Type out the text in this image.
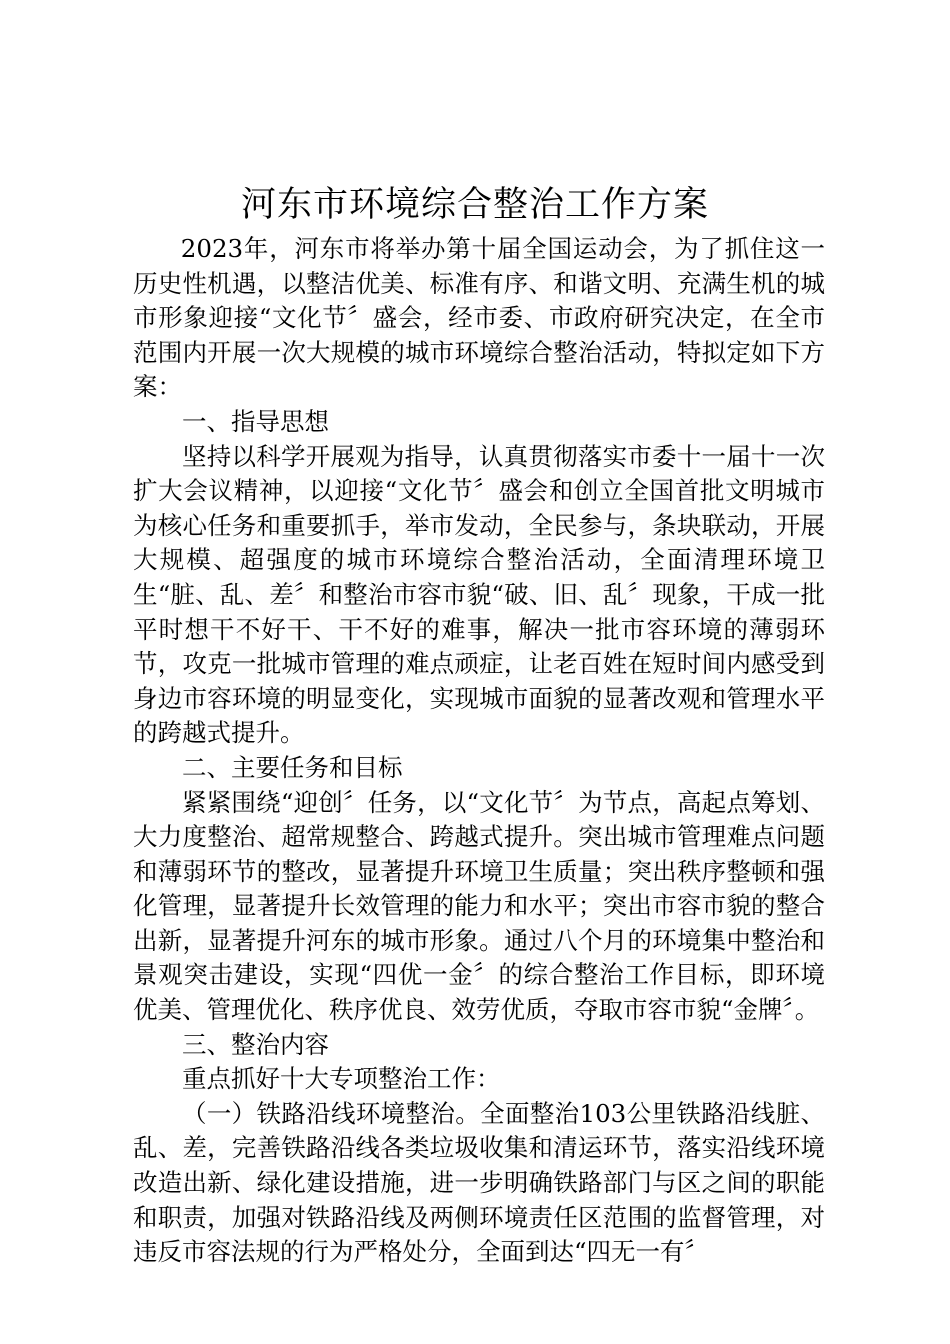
河东市环境综合整治工作方案

2023年，河东市将举办第十届全国运动会，为了抓住这一历史性机遇，以整洁优美、标准有序、和谐文明、充满生机的城市形象迎接“文化节〞盛会，经市委、市政府研究决定，在全市范围内开展一次大规模的城市环境综合整治活动，特拟定如下方案：

一、指导思想

坚持以科学开展观为指导，认真贯彻落实市委十一届十一次扩大会议精神，以迎接“文化节〞盛会和创立全国首批文明城市为核心任务和重要抓手，举市发动，全民参与，条块联动，开展大规模、超强度的城市环境综合整治活动，全面清理环境卫生“脏、乱、差〞和整治市容市貌“破、旧、乱〞现象，干成一批平时想干不好干、干不好的难事，解决一批市容环境的薄弱环节，攻克一批城市管理的难点顽症，让老百姓在短时间内感受到身边市容环境的明显变化，实现城市面貌的显著改观和管理水平的跨越式提升。

二、主要任务和目标

紧紧围绕“迎创〞任务，以“文化节〞为节点，高起点筹划、大力度整治、超常规整合、跨越式提升。突出城市管理难点问题和薄弱环节的整改，显著提升环境卫生质量；突出秩序整顿和强化管理，显著提升长效管理的能力和水平；突出市容市貌的整合出新，显著提升河东的城市形象。通过八个月的环境集中整治和景观突击建设，实现“四优一金〞的综合整治工作目标，即环境优美、管理优化、秩序优良、效劳优质，夺取市容市貌“金牌〞。

三、整治内容

重点抓好十大专项整治工作：

（一）铁路沿线环境整治。全面整治103公里铁路沿线脏、乱、差，完善铁路沿线各类垃圾收集和清运环节，落实沿线环境改造出新、绿化建设措施，进一步明确铁路部门与区之间的职能和职责，加强对铁路沿线及两侧环境责任区范围的监督管理，对违反市容法规的行为严格处分，全面到达“四无一有〞
